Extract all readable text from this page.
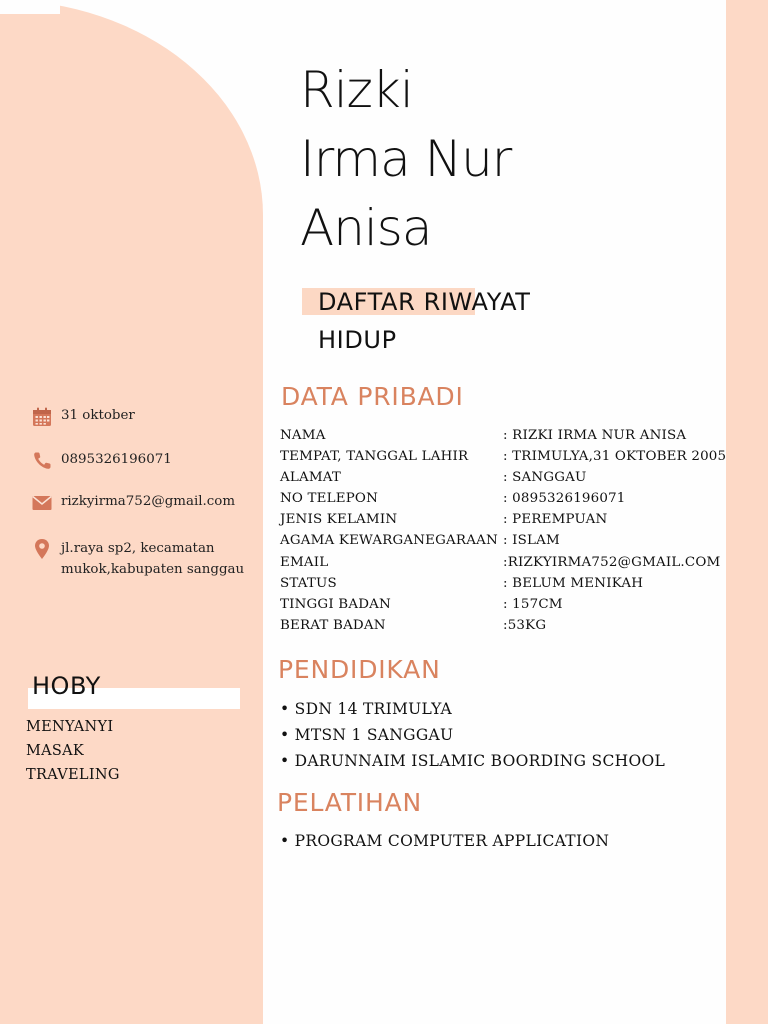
Rizki
Irma Nur
Anisa
DAFTAR RIWAYAT HIDUP
31 oktober
0895326196071
rizkyirma752@gmail.com
jl.raya sp2, kecamatan mukok,kabupaten sanggau
HOBY
MENYANYI
MASAK
TRAVELING
DATA PRIBADI
NAMA	: RIZKI IRMA NUR ANISA
TEMPAT, TANGGAL LAHIR	: TRIMULYA,31 OKTOBER 2005
ALAMAT	: SANGGAU
NO TELEPON	: 0895326196071
JENIS KELAMIN	: PEREMPUAN
AGAMA KEWARGANEGARAAN : ISLAM
EMAIL	:RIZKYIRMA752@GMAIL.COM
STATUS	: BELUM MENIKAH
TINGGI BADAN	: 157CM
BERAT BADAN	:53KG
PENDIDIKAN
• SDN 14 TRIMULYA
• MTSN 1 SANGGAU
• DARUNNAIM ISLAMIC BOORDING SCHOOL
PELATIHAN
• PROGRAM COMPUTER APPLICATION
